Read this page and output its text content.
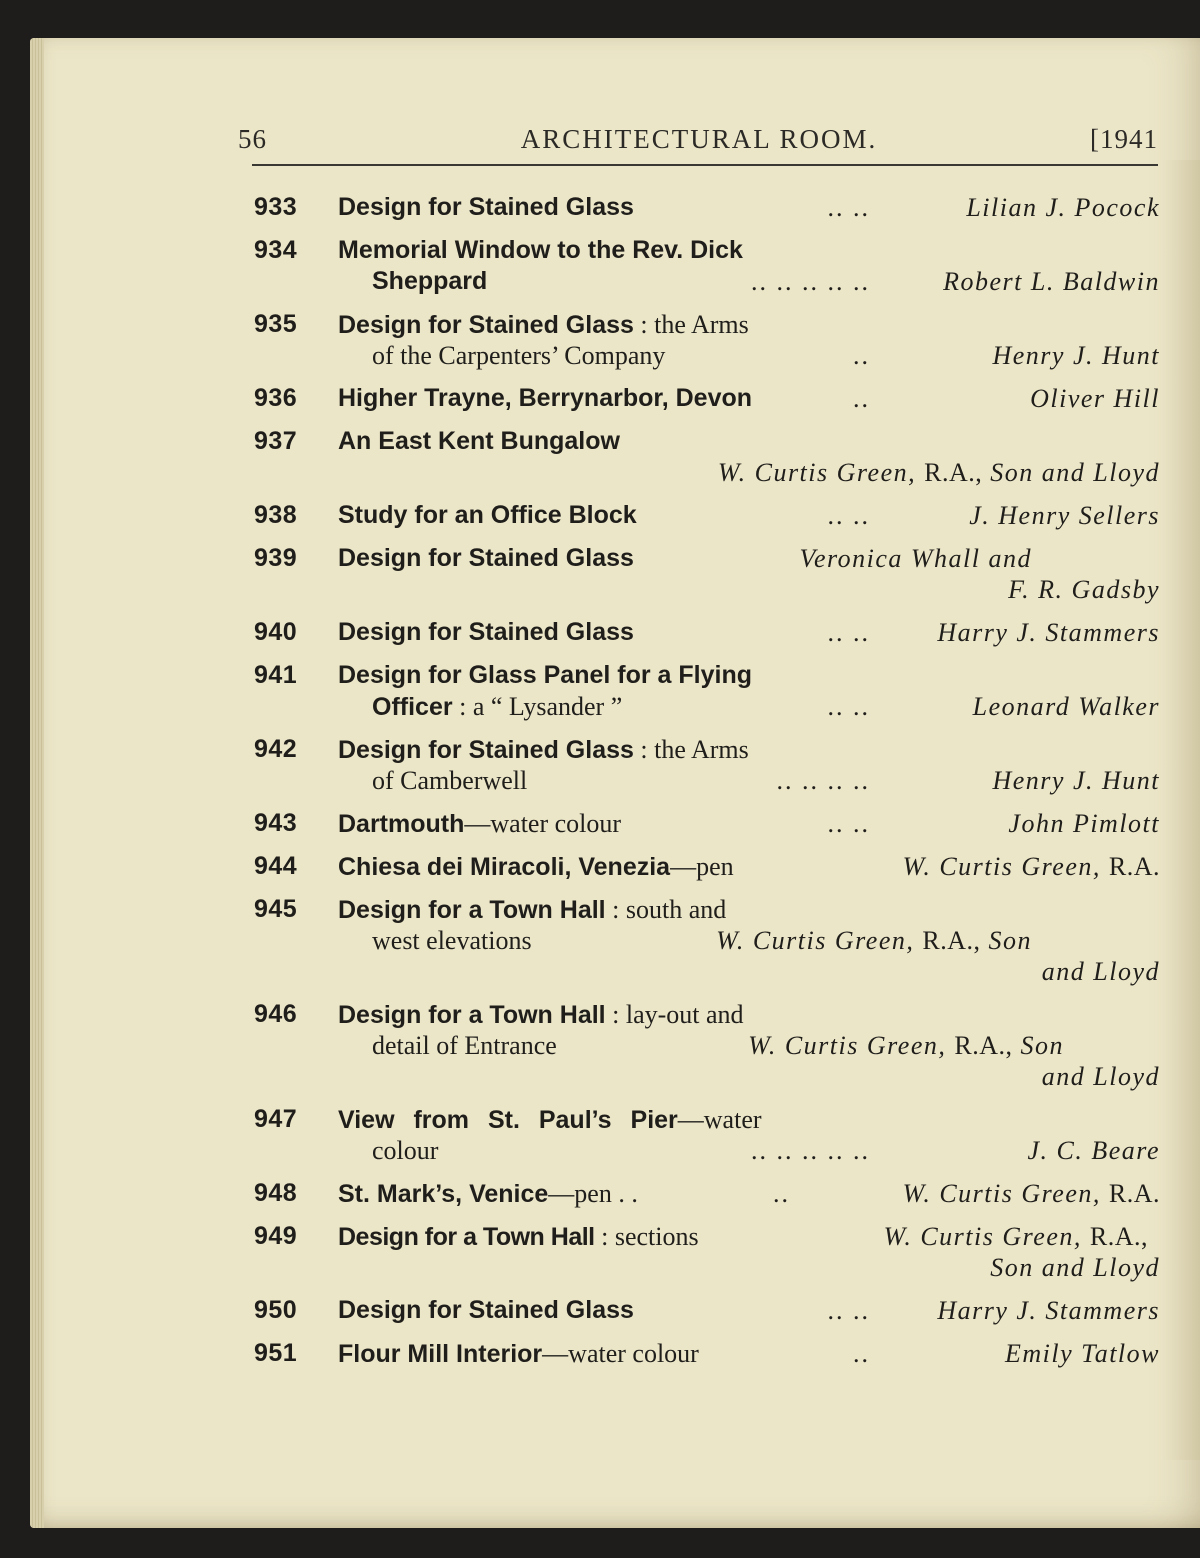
56	ARCHITECTURAL ROOM.	[1941
933 Design for Stained Glass	.. ..	Lilian J. Pocock
934 Memorial Window to the Rev. Dick
Sheppard	.. .. .. .. ..	Robert L. Baldwin
935 Design for Stained Glass : the Arms
of the Carpenters’ Company	..	Henry J. Hunt
936 Higher Trayne, Berrynarbor, Devon	..	Oliver Hill
937 An East Kent Bungalow
W. Curtis Green, R.A., Son and Lloyd
938 Study for an Office Block	.. ..	J. Henry Sellers
939 Design for Stained Glass	Veronica Whall and
F. R. Gadsby
940 Design for Stained Glass	.. ..	Harry J. Stammers
941 Design for Glass Panel for a Flying
Officer : a “ Lysander ”	.. ..	Leonard Walker
942 Design for Stained Glass : the Arms
of Camberwell	.. .. .. ..	Henry J. Hunt
943 Dartmouth—water colour	.. ..	John Pimlott
944 Chiesa dei Miracoli, Venezia—pen	W. Curtis Green, R.A.
945 Design for a Town Hall : south and
west elevations	W. Curtis Green, R.A., Son
and Lloyd
946 Design for a Town Hall : lay-out and
detail of Entrance	W. Curtis Green, R.A., Son
and Lloyd
947 View from St. Paul’s Pier—water
colour	.. .. .. .. ..	J. C. Beare
948 St. Mark’s, Venice—pen . .	..	W. Curtis Green, R.A.
949 Design for a Town Hall : sections	W. Curtis Green, R.A.,
Son and Lloyd
950 Design for Stained Glass	.. ..	Harry J. Stammers
951 Flour Mill Interior—water colour	..	Emily Tatlow
